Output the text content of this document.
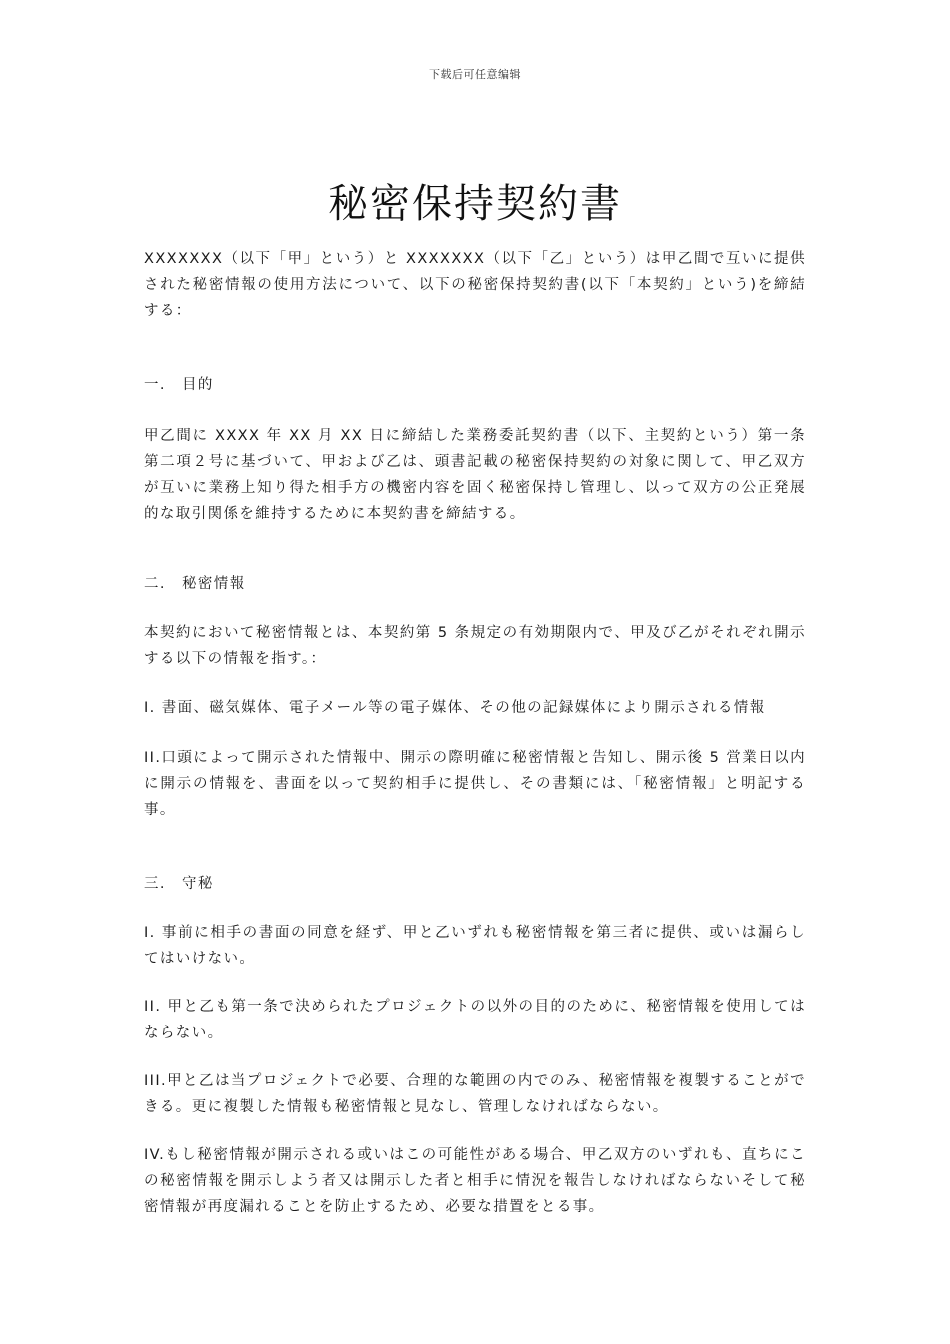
下载后可任意编辑
秘密保持契約書
XXXXXXX（以下「甲」という）と XXXXXXX（以下「乙」という）は甲乙間で互いに提供された秘密情報の使用方法について、以下の秘密保持契約書(以下「本契約」という)を締結する：
一. 目的
甲乙間に XXXX 年 XX 月 XX 日に締結した業務委託契約書（以下、主契約という）第一条第二項２号に基づいて、甲および乙は、頭書記載の秘密保持契約の対象に関して、甲乙双方が互いに業務上知り得た相手方の機密内容を固く秘密保持し管理し、以って双方の公正発展的な取引関係を維持するために本契約書を締結する。
二. 秘密情報
本契約において秘密情報とは、本契約第 5 条規定の有効期限内で、甲及び乙がそれぞれ開示する以下の情報を指す。：
I. 書面、磁気媒体、電子メール等の電子媒体、その他の記録媒体により開示される情報
II.口頭によって開示された情報中、開示の際明確に秘密情報と告知し、開示後 5 営業日以内に開示の情報を、書面を以って契約相手に提供し、その書類には、「秘密情報」と明記する事。
三. 守秘
I. 事前に相手の書面の同意を経ず、甲と乙いずれも秘密情報を第三者に提供、或いは漏らしてはいけない。
II. 甲と乙も第一条で決められたプロジェクトの以外の目的のために、秘密情報を使用してはならない。
III.甲と乙は当プロジェクトで必要、合理的な範囲の内でのみ、秘密情報を複製することができる。更に複製した情報も秘密情報と見なし、管理しなければならない。
IV.もし秘密情報が開示される或いはこの可能性がある場合、甲乙双方のいずれも、直ちにこの秘密情報を開示しよう者又は開示した者と相手に情況を報告しなければならないそして秘密情報が再度漏れることを防止するため、必要な措置をとる事。
